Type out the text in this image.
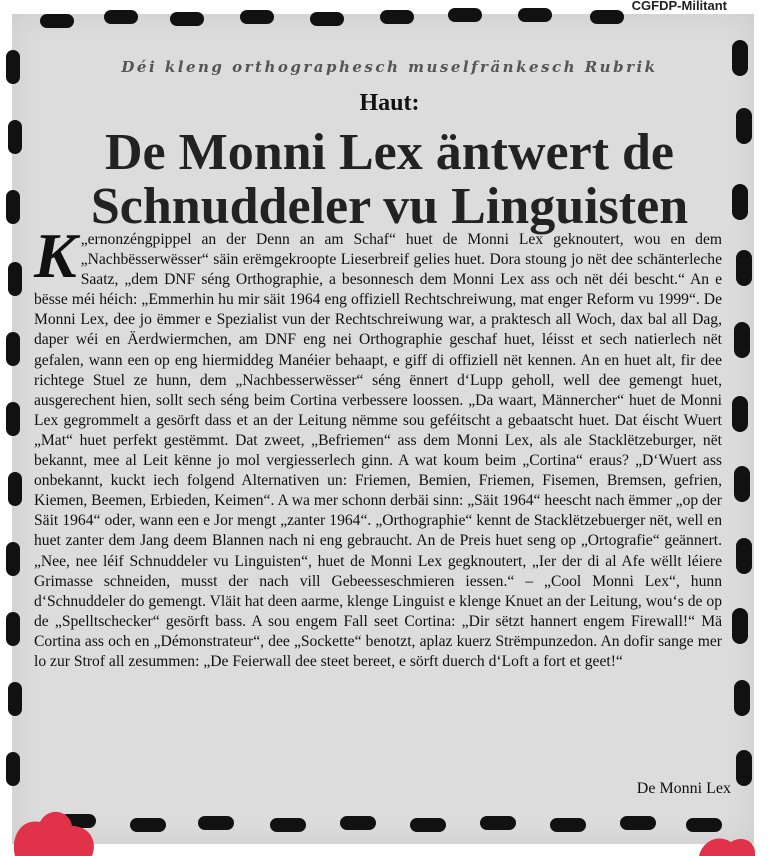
CGFDP-Militant
Déi kleng orthographesch muselfränkesch Rubrik
Haut:
De Monni Lex äntwert de Schnuddeler vu Linguisten
K „ernonzéngpippel an der Denn an am Schaf“ huet de Monni Lex geknoutert, wou en dem „Nachbësserwësser“ säin erëmgekroopte Lieserbreif gelies huet. Dora stoung jo nët dee schänterleche Saatz, „dem DNF séng Orthographie, a besonnesch dem Monni Lex ass och nët déi bescht.“ An e bësse méi héich: „Emmerhin hu mir säit 1964 eng offiziell Rechtschreiwung, mat enger Reform vu 1999“. De Monni Lex, dee jo ëmmer e Spezialist vun der Rechtschreiwung war, a praktesch all Woch, dax bal all Dag, daper wéi en Äerdwiermchen, am DNF eng nei Orthographie geschaf huet, léisst et sech natierlech nët gefalen, wann een op eng hiermiddeg Manéier behaapt, e giff di offiziell nët kennen. An en huet alt, fir dee richtege Stuel ze hunn, dem „Nachbesserwësser“ séng ënnert d‘Lupp geholl, well dee gemengt huet, ausgerechent hien, sollt sech séng beim Cortina verbessere loossen. „Da waart, Männercher“ huet de Monni Lex gegrommelt a gesörft dass et an der Leitung nëmme sou geféitscht a gebaatscht huet. Dat éischt Wuert „Mat“ huet perfekt gestëmmt. Dat zweet, „Befriemen“ ass dem Monni Lex, als ale Stacklëtzeburger, nët bekannt, mee al Leit kënne jo mol vergiesserlech ginn. A wat koum beim „Cortina“ eraus? „D‘Wuert ass onbekannt, kuckt iech folgend Alternativen un: Friemen, Bemien, Friemen, Fisemen, Bremsen, gefrien, Kiemen, Beemen, Erbieden, Keimen“. A wa mer schonn derbäi sinn: „Säit 1964“ heescht nach ëmmer „op der Säit 1964“ oder, wann een e Jor mengt „zanter 1964“. „Orthographie“ kennt de Stacklëtzebuerger nët, well en huet zanter dem Jang deem Blannen nach ni eng gebraucht. An de Preis huet seng op „Ortografie“ geännert. „Nee, nee léif Schnuddeler vu Linguisten“, huet de Monni Lex gegknoutert, „Ier der di al Afe wëllt léiere Grimasse schneiden, musst der nach vill Gebeesseschmieren iessen.“ – „Cool Monni Lex“, hunn d‘Schnuddeler do gemengt. Vläit hat deen aarme, klenge Linguist e klenge Knuet an der Leitung, wou‘s de op de „Spelltschecker“ gesörft bass. A sou engem Fall seet Cortina: „Dir sëtzt hannert engem Firewall!“ Mä Cortina ass och en „Démonstrateur“, dee „Sockette“ benotzt, aplaz kuerz Strëmpunzedon. An dofir sange mer lo zur Strof all zesummen: „De Feierwall dee steet bereet, e sörft duerch d‘Loft a fort et geet!“
De Monni Lex
